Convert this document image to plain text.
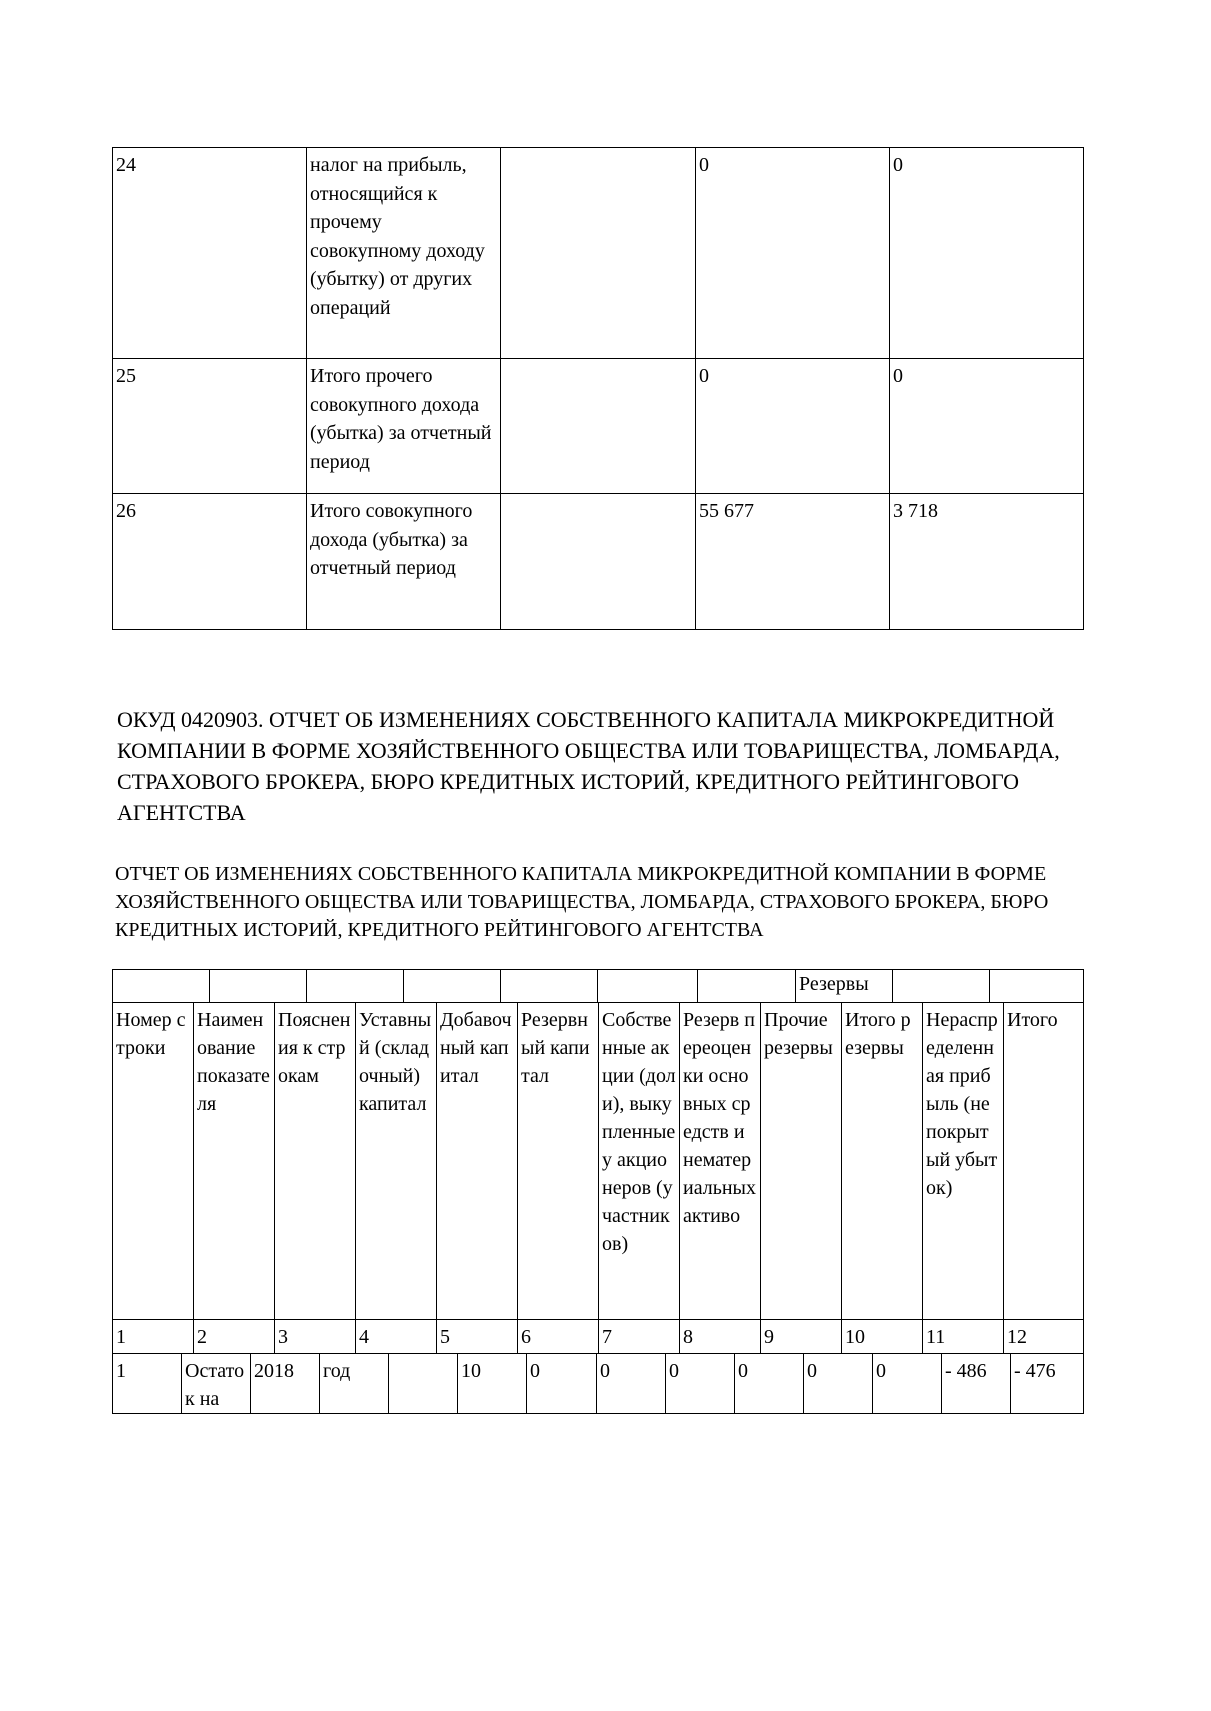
24	налог на прибыль, относящийся к прочему совокупному доходу (убытку) от других операций		0	0
25	Итого прочего совокупного дохода (убытка) за отчетный период		0	0
26	Итого совокупного дохода (убытка) за отчетный период		55 677	3 718
ОКУД 0420903. ОТЧЕТ ОБ ИЗМЕНЕНИЯХ СОБСТВЕННОГО КАПИТАЛА МИКРОКРЕДИТНОЙ КОМПАНИИ В ФОРМЕ ХОЗЯЙСТВЕННОГО ОБЩЕСТВА ИЛИ ТОВАРИЩЕСТВА, ЛОМБАРДА, СТРАХОВОГО БРОКЕРА, БЮРО КРЕДИТНЫХ ИСТОРИЙ, КРЕДИТНОГО РЕЙТИНГОВОГО АГЕНТСТВА
ОТЧЕТ ОБ ИЗМЕНЕНИЯХ СОБСТВЕННОГО КАПИТАЛА МИКРОКРЕДИТНОЙ КОМПАНИИ В ФОРМЕ ХОЗЯЙСТВЕННОГО ОБЩЕСТВА ИЛИ ТОВАРИЩЕСТВА, ЛОМБАРДА, СТРАХОВОГО БРОКЕРА, БЮРО КРЕДИТНЫХ ИСТОРИЙ, КРЕДИТНОГО РЕЙТИНГОВОГО АГЕНТСТВА
							Резервы		
Номер строки	Наименование показателя	Пояснения к строкам	Уставный (складочный) капитал	Добавочный капитал	Резервный капитал	Собственные акции (доли), выкупленные у акционеров (участников)	Резерв переоценки основных средств и нематериальных активо	Прочие резервы	Итого резервы	Нераспределенная прибыль (непокрытый убыток)	Итого
1	2	3	4	5	6	7	8	9	10	11	12
1	Остаток на	2018	год		10	0	0	0	0	0	0	- 486	- 476
